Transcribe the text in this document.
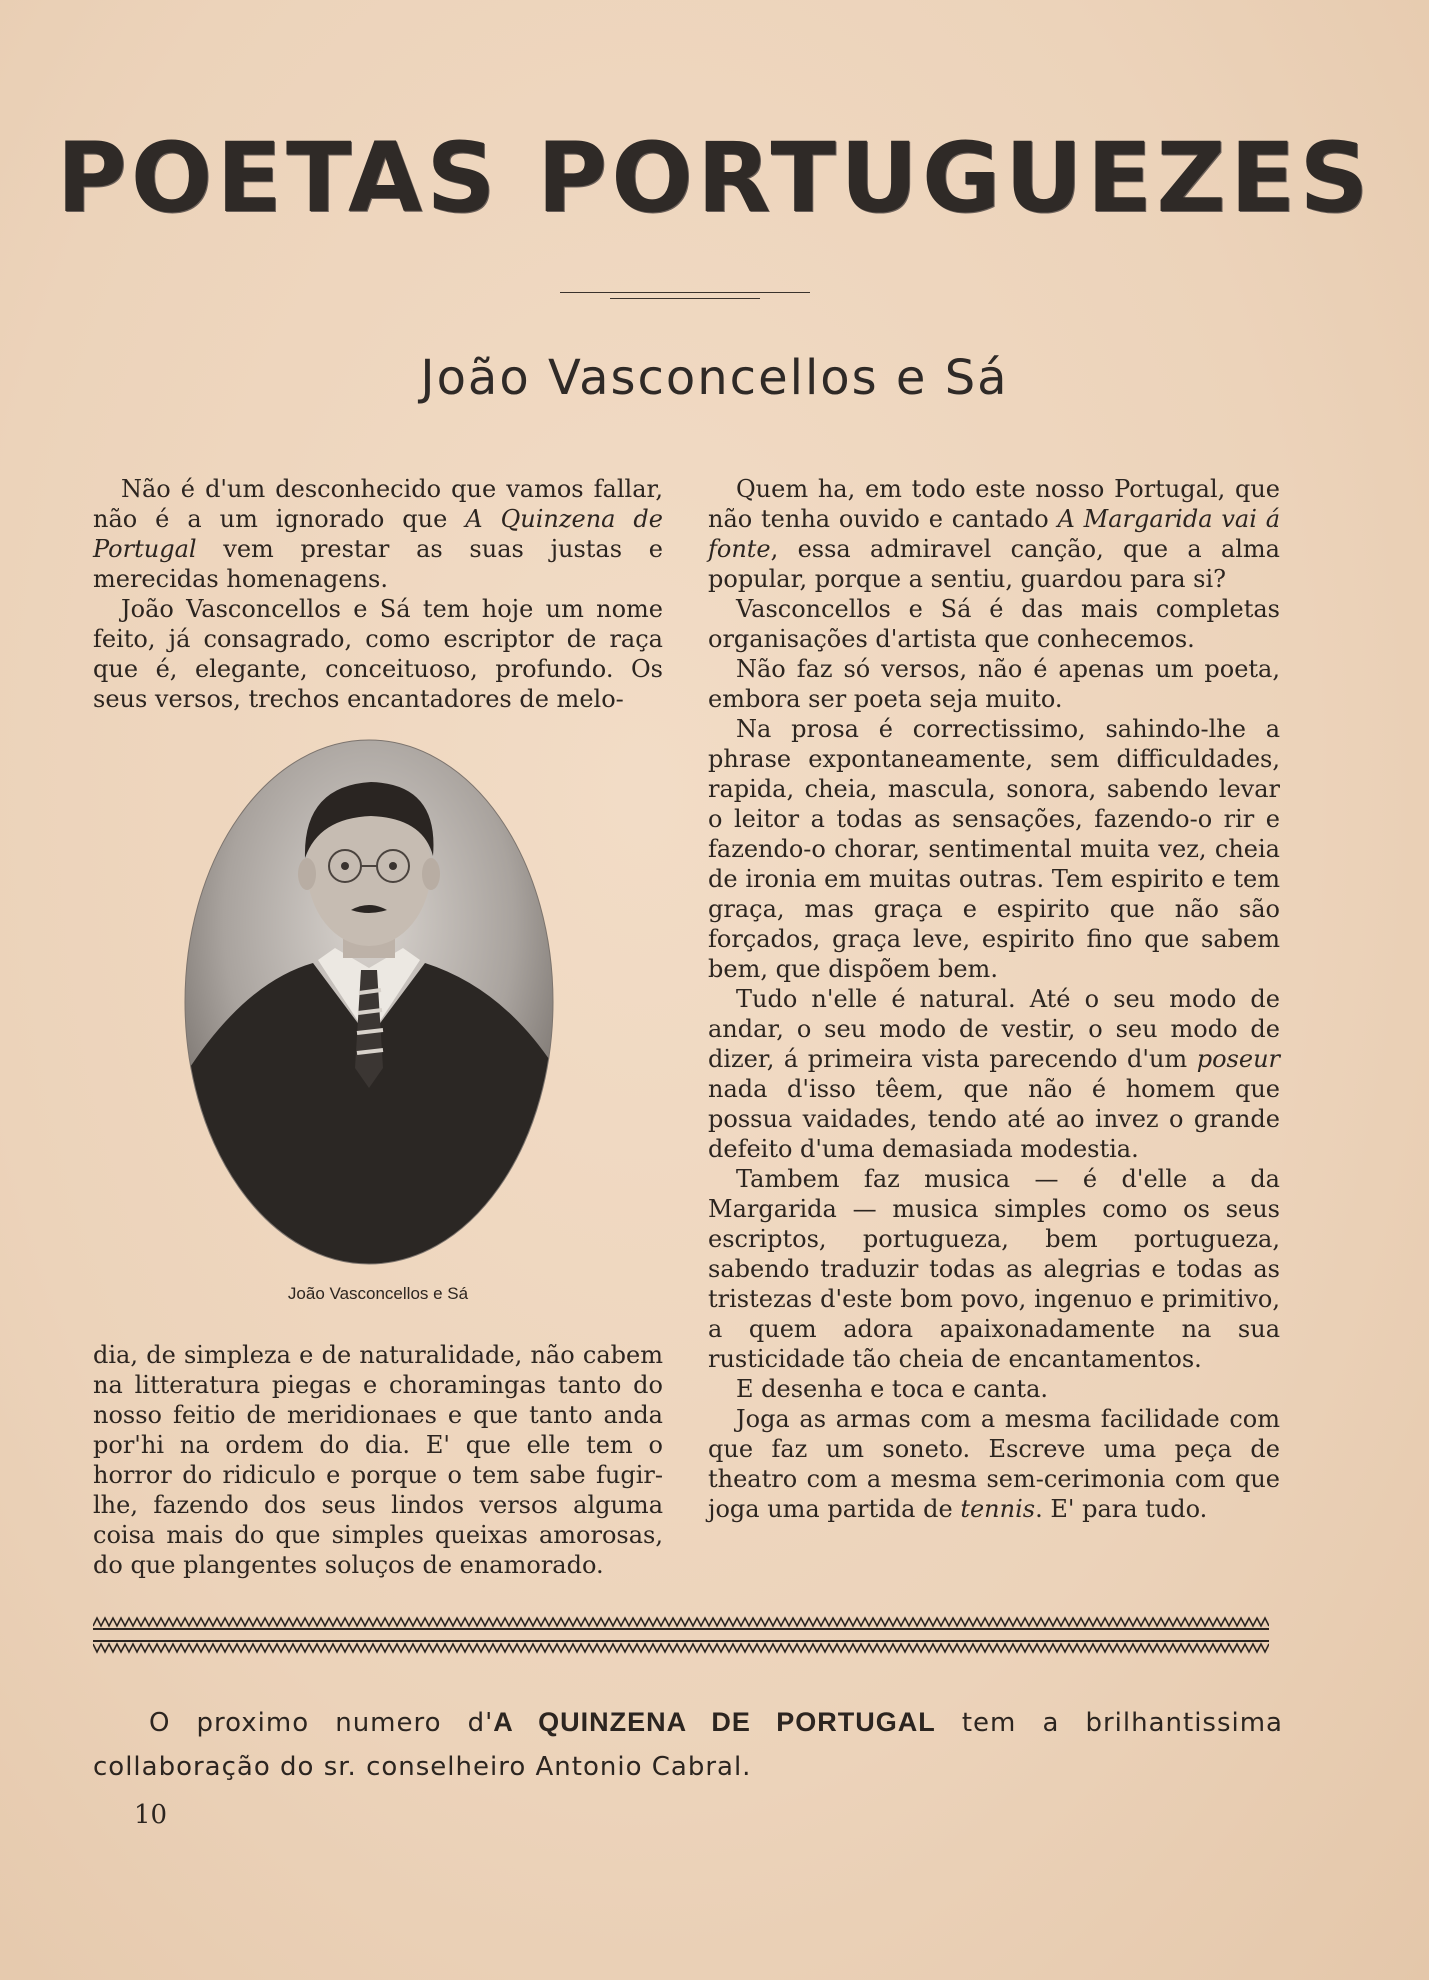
POETAS PORTUGUEZES
João Vasconcellos e Sá

Não é d'um desconhecido que vamos fallar, não é a um ignorado que A Quinzena de Portugal vem prestar as suas justas e merecidas homenagens.

João Vasconcellos e Sá tem hoje um nome feito, já consagrado, como escriptor de raça que é, elegante, conceituoso, profundo. Os seus versos, trechos encantadores de melo-

João Vasconcellos e Sá

dia, de simpleza e de naturalidade, não cabem na litteratura piegas e choramingas tanto do nosso feitio de meridionaes e que tanto anda por'hi na ordem do dia. E' que elle tem o horror do ridiculo e porque o tem sabe fugir-lhe, fazendo dos seus lindos versos alguma coisa mais do que simples queixas amorosas, do que plangentes soluços de enamorado.

Quem ha, em todo este nosso Portugal, que não tenha ouvido e cantado A Margarida vai á fonte, essa admiravel canção, que a alma popular, porque a sentiu, guardou para si?

Vasconcellos e Sá é das mais completas organisações d'artista que conhecemos.

Não faz só versos, não é apenas um poeta, embora ser poeta seja muito.

Na prosa é correctissimo, sahindo-lhe a phrase expontaneamente, sem difficuldades, rapida, cheia, mascula, sonora, sabendo levar o leitor a todas as sensações, fazendo-o rir e fazendo-o chorar, sentimental muita vez, cheia de ironia em muitas outras. Tem espirito e tem graça, mas graça e espirito que não são forçados, graça leve, espirito fino que sabem bem, que dispõem bem.

Tudo n'elle é natural. Até o seu modo de andar, o seu modo de vestir, o seu modo de dizer, á primeira vista parecendo d'um poseur nada d'isso têem, que não é homem que possua vaidades, tendo até ao invez o grande defeito d'uma demasiada modestia.

Tambem faz musica — é d'elle a da Margarida — musica simples como os seus escriptos, portugueza, bem portugueza, sabendo traduzir todas as alegrias e todas as tristezas d'este bom povo, ingenuo e primitivo, a quem adora apaixonadamente na sua rusticidade tão cheia de encantamentos.

E desenha e toca e canta.

Joga as armas com a mesma facilidade com que faz um soneto. Escreve uma peça de theatro com a mesma sem-cerimonia com que joga uma partida de tennis. E' para tudo.

O proximo numero d'A QUINZENA DE PORTUGAL tem a brilhantissima collaboração do sr. conselheiro Antonio Cabral.
10
